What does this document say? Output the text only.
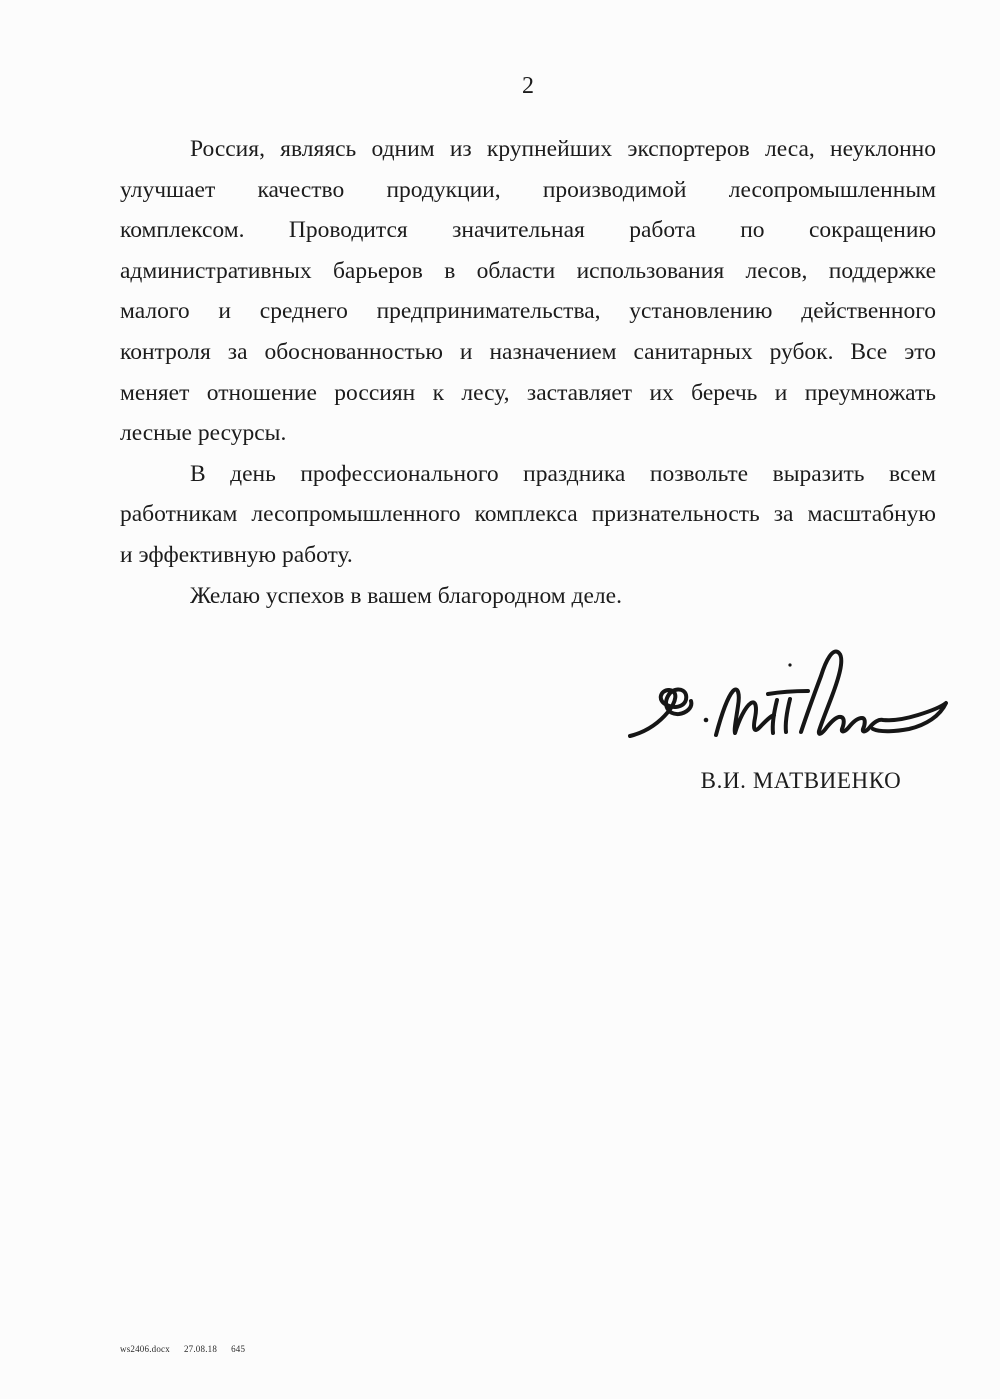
2
Россия, являясь одним из крупнейших экспортеров леса, неуклонно
улучшает качество продукции, производимой лесопромышленным
комплексом. Проводится значительная работа по сокращению
административных барьеров в области использования лесов, поддержке
малого и среднего предпринимательства, установлению действенного
контроля за обоснованностью и назначением санитарных рубок. Все это
меняет отношение россиян к лесу, заставляет их беречь и преумножать
лесные ресурсы.
В день профессионального праздника позвольте выразить всем
работникам лесопромышленного комплекса признательность за масштабную
и эффективную работу.
Желаю успехов в вашем благородном деле.
В.И. МАТВИЕНКО
ws2406.docx 27.08.18 645
